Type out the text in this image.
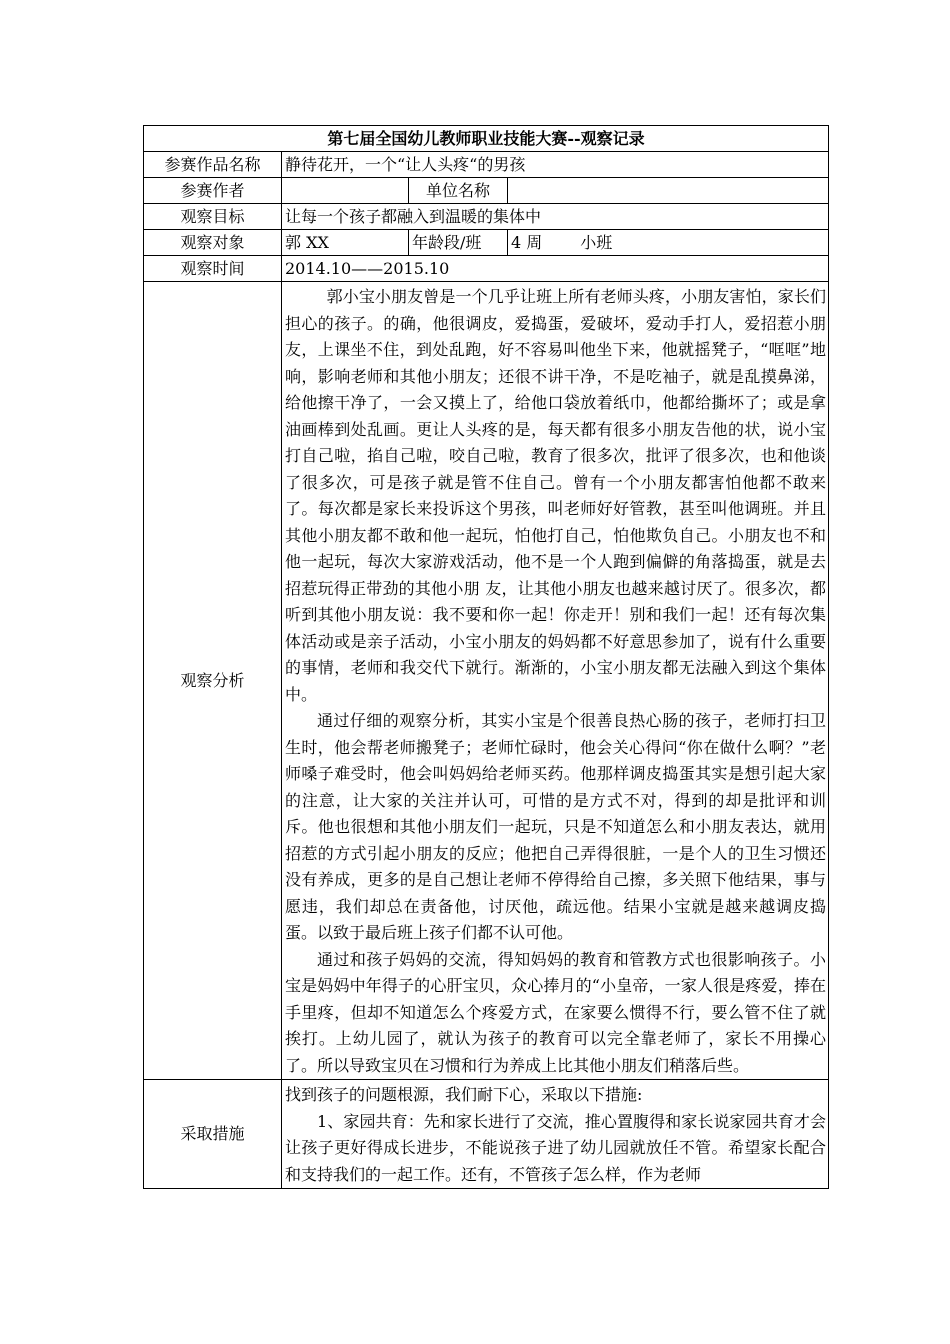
第七届全国幼儿教师职业技能大赛--观察记录			
参赛作品名称	静待花开，一个“让人头疼“的男孩		
参赛作者		单位名称	
观察目标	让每一个孩子都融入到温暖的集体中		
观察对象	郭 XX	年龄段/班	4 周 小班
观察时间	2014.10——2015.10		
观察分析	郭小宝小朋友曾是一个几乎让班上所有老师头疼，小朋友害怕，家长们担心的孩子。的确，他很调皮，爱捣蛋，爱破坏，爱动手打人，爱招惹小朋友，上课坐不住，到处乱跑，好不容易叫他坐下来，他就摇凳子，“哐哐”地响，影响老师和其他小朋友；还很不讲干净，不是吃袖子，就是乱摸鼻涕，给他擦干净了，一会又摸上了，给他口袋放着纸巾，他都给撕坏了；或是拿油画棒到处乱画。更让人头疼的是，每天都有很多小朋友告他的状，说小宝打自己啦，掐自己啦，咬自己啦，教育了很多次，批评了很多次，也和他谈了很多次，可是孩子就是管不住自己。曾有一个小朋友都害怕他都不敢来了。每次都是家长来投诉这个男孩，叫老师好好管教，甚至叫他调班。并且其他小朋友都不敢和他一起玩，怕他打自己，怕他欺负自己。小朋友也不和他一起玩，每次大家游戏活动，他不是一个人跑到偏僻的角落捣蛋，就是去招惹玩得正带劲的其他小朋 友，让其他小朋友也越来越讨厌了。很多次，都听到其他小朋友说：我不要和你一起！你走开！别和我们一起！还有每次集体活动或是亲子活动，小宝小朋友的妈妈都不好意思参加了，说有什么重要的事情，老师和我交代下就行。渐渐的，小宝小朋友都无法融入到这个集体中。

通过仔细的观察分析，其实小宝是个很善良热心肠的孩子，老师打扫卫生时，他会帮老师搬凳子；老师忙碌时，他会关心得问“你在做什么啊？”老师嗓子难受时，他会叫妈妈给老师买药。他那样调皮捣蛋其实是想引起大家的注意，让大家的关注并认可，可惜的是方式不对，得到的却是批评和训斥。他也很想和其他小朋友们一起玩，只是不知道怎么和小朋友表达，就用招惹的方式引起小朋友的反应；他把自己弄得很脏，一是个人的卫生习惯还没有养成，更多的是自己想让老师不停得给自己擦，多关照下他结果，事与愿违，我们却总在责备他，讨厌他，疏远他。结果小宝就是越来越调皮捣蛋。以致于最后班上孩子们都不认可他。

通过和孩子妈妈的交流，得知妈妈的教育和管教方式也很影响孩子。小宝是妈妈中年得子的心肝宝贝，众心捧月的“小皇帝，一家人很是疼爱，捧在手里疼，但却不知道怎么个疼爱方式，在家要么惯得不行，要么管不住了就挨打。上幼儿园了，就认为孩子的教育可以完全靠老师了，家长不用操心了。所以导致宝贝在习惯和行为养成上比其他小朋友们稍落后些。		

采取措施	找到孩子的问题根源，我们耐下心，采取以下措施:

1、家园共育：先和家长进行了交流，推心置腹得和家长说家园共育才会让孩子更好得成长进步，不能说孩子进了幼儿园就放任不管。希望家长配合和支持我们的一起工作。还有，不管孩子怎么样，作为老师		
